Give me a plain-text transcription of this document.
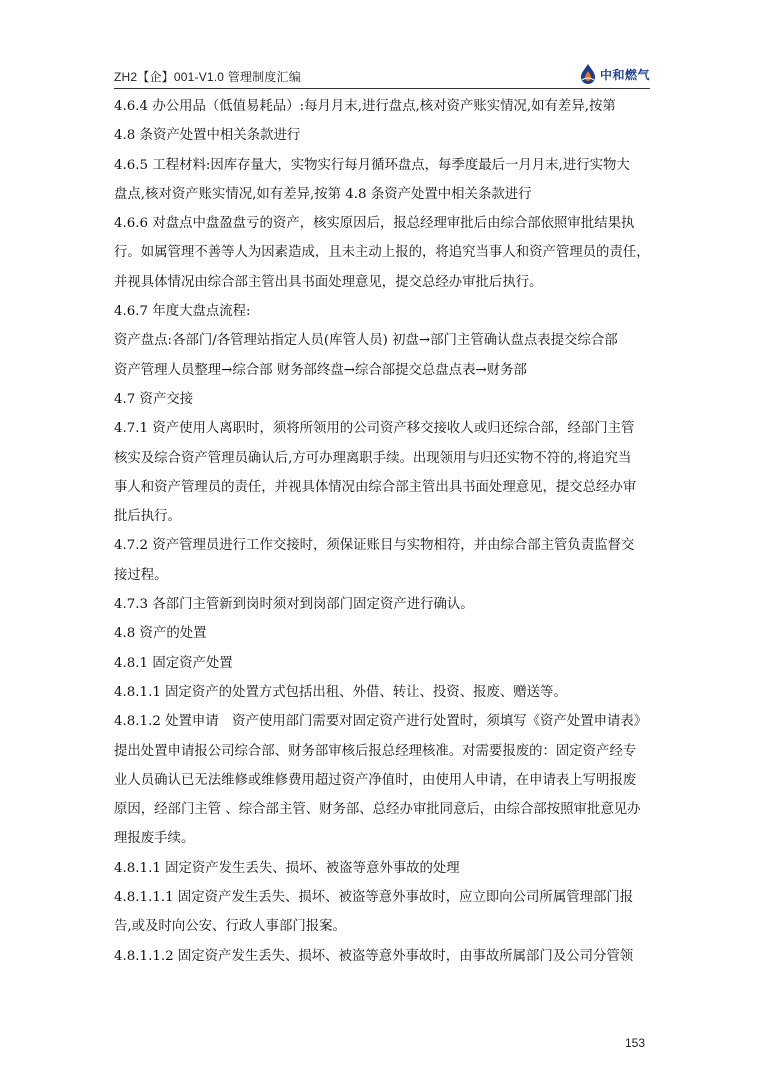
ZH2【企】001-V1.0 管理制度汇编	中和燃气
4.6.4 办公用品（低值易耗品）:每月月末,进行盘点,核对资产账实情况,如有差异,按第
4.8 条资产处置中相关条款进行
4.6.5 工程材料:因库存量大，实物实行每月循环盘点，每季度最后一月月末,进行实物大
盘点,核对资产账实情况,如有差异,按第 4.8 条资产处置中相关条款进行
4.6.6 对盘点中盘盈盘亏的资产，核实原因后，报总经理审批后由综合部依照审批结果执
行。如属管理不善等人为因素造成，且未主动上报的，将追究当事人和资产管理员的责任，
并视具体情况由综合部主管出具书面处理意见，提交总经办审批后执行。
4.6.7 年度大盘点流程:
资产盘点:各部门/各管理站指定人员(库管人员) 初盘→部门主管确认盘点表提交综合部
资产管理人员整理→综合部 财务部终盘→综合部提交总盘点表→财务部
4.7 资产交接
4.7.1 资产使用人离职时，须将所领用的公司资产移交接收人或归还综合部，经部门主管
核实及综合资产管理员确认后,方可办理离职手续。出现领用与归还实物不符的,将追究当
事人和资产管理员的责任，并视具体情况由综合部主管出具书面处理意见，提交总经办审
批后执行。
4.7.2 资产管理员进行工作交接时，须保证账目与实物相符，并由综合部主管负责监督交
接过程。
4.7.3 各部门主管新到岗时须对到岗部门固定资产进行确认。
4.8 资产的处置
4.8.1 固定资产处置
4.8.1.1 固定资产的处置方式包括出租、外借、转让、投资、报废、赠送等。
4.8.1.2 处置申请　资产使用部门需要对固定资产进行处置时，须填写《资产处置申请表》
提出处置申请报公司综合部、财务部审核后报总经理核准。对需要报废的：固定资产经专
业人员确认已无法维修或维修费用超过资产净值时，由使用人申请，在申请表上写明报废
原因，经部门主管 、综合部主管、财务部、总经办审批同意后，由综合部按照审批意见办
理报废手续。
4.8.1.1 固定资产发生丢失、损坏、被盗等意外事故的处理
4.8.1.1.1 固定资产发生丢失、损坏、被盗等意外事故时，应立即向公司所属管理部门报
告,或及时向公安、行政人事部门报案。
4.8.1.1.2 固定资产发生丢失、损坏、被盗等意外事故时，由事故所属部门及公司分管领
153
